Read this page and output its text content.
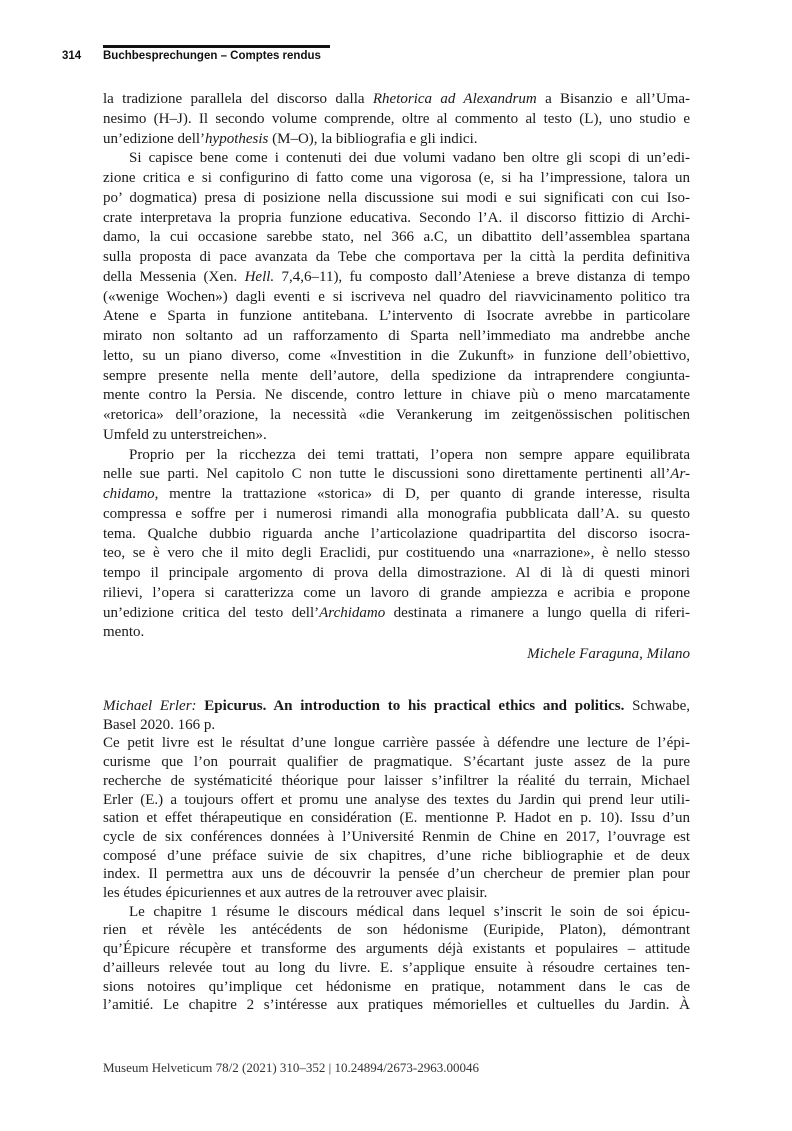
314 Buchbesprechungen – Comptes rendus
la tradizione parallela del discorso dalla Rhetorica ad Alexandrum a Bisanzio e all’Uma-
nesimo (H–J). Il secondo volume comprende, oltre al commento al testo (L), uno studio e
un’edizione dell’hypothesis (M–O), la bibliografia e gli indici.
Si capisce bene come i contenuti dei due volumi vadano ben oltre gli scopi di un’edi-
zione critica e si configurino di fatto come una vigorosa (e, si ha l’impressione, talora un
po’ dogmatica) presa di posizione nella discussione sui modi e sui significati con cui Iso-
crate interpretava la propria funzione educativa. Secondo l’A. il discorso fittizio di Archi-
damo, la cui occasione sarebbe stato, nel 366 a.C, un dibattito dell’assemblea spartana
sulla proposta di pace avanzata da Tebe che comportava per la città la perdita definitiva
della Messenia (Xen. Hell. 7,4,6–11), fu composto dall’Ateniese a breve distanza di tempo
(«wenige Wochen») dagli eventi e si iscriveva nel quadro del riavvicinamento politico tra
Atene e Sparta in funzione antitebana. L’intervento di Isocrate avrebbe in particolare
mirato non soltanto ad un rafforzamento di Sparta nell’immediato ma andrebbe anche
letto, su un piano diverso, come «Investition in die Zukunft» in funzione dell’obiettivo,
sempre presente nella mente dell’autore, della spedizione da intraprendere congiunta-
mente contro la Persia. Ne discende, contro letture in chiave più o meno marcatamente
«retorica» dell’orazione, la necessità «die Verankerung im zeitgenössischen politischen
Umfeld zu unterstreichen».
Proprio per la ricchezza dei temi trattati, l’opera non sempre appare equilibrata
nelle sue parti. Nel capitolo C non tutte le discussioni sono direttamente pertinenti all’Ar-
chidamo, mentre la trattazione «storica» di D, per quanto di grande interesse, risulta
compressa e soffre per i numerosi rimandi alla monografia pubblicata dall’A. su questo
tema. Qualche dubbio riguarda anche l’articolazione quadripartita del discorso isocra-
teo, se è vero che il mito degli Eraclidi, pur costituendo una «narrazione», è nello stesso
tempo il principale argomento di prova della dimostrazione. Al di là di questi minori
rilievi, l’opera si caratterizza come un lavoro di grande ampiezza e acribia e propone
un’edizione critica del testo dell’Archidamo destinata a rimanere a lungo quella di riferi-
mento.
Michele Faraguna, Milano
Michael Erler: Epicurus. An introduction to his practical ethics and politics. Schwabe,
Basel 2020. 166 p.
Ce petit livre est le résultat d’une longue carrière passée à défendre une lecture de l’épi-
curisme que l’on pourrait qualifier de pragmatique. S’écartant juste assez de la pure
recherche de systématicité théorique pour laisser s’infiltrer la réalité du terrain, Michael
Erler (E.) a toujours offert et promu une analyse des textes du Jardin qui prend leur utili-
sation et effet thérapeutique en considération (E. mentionne P. Hadot en p. 10). Issu d’un
cycle de six conférences données à l’Université Renmin de Chine en 2017, l’ouvrage est
composé d’une préface suivie de six chapitres, d’une riche bibliographie et de deux
index. Il permettra aux uns de découvrir la pensée d’un chercheur de premier plan pour
les études épicuriennes et aux autres de la retrouver avec plaisir.
Le chapitre 1 résume le discours médical dans lequel s’inscrit le soin de soi épicu-
rien et révèle les antécédents de son hédonisme (Euripide, Platon), démontrant
qu’Épicure récupère et transforme des arguments déjà existants et populaires – attitude
d’ailleurs relevée tout au long du livre. E. s’applique ensuite à résoudre certaines ten-
sions notoires qu’implique cet hédonisme en pratique, notamment dans le cas de
l’amitié. Le chapitre 2 s’intéresse aux pratiques mémorielles et cultuelles du Jardin. À
Museum Helveticum 78/2 (2021) 310–352 | 10.24894/2673-2963.00046
